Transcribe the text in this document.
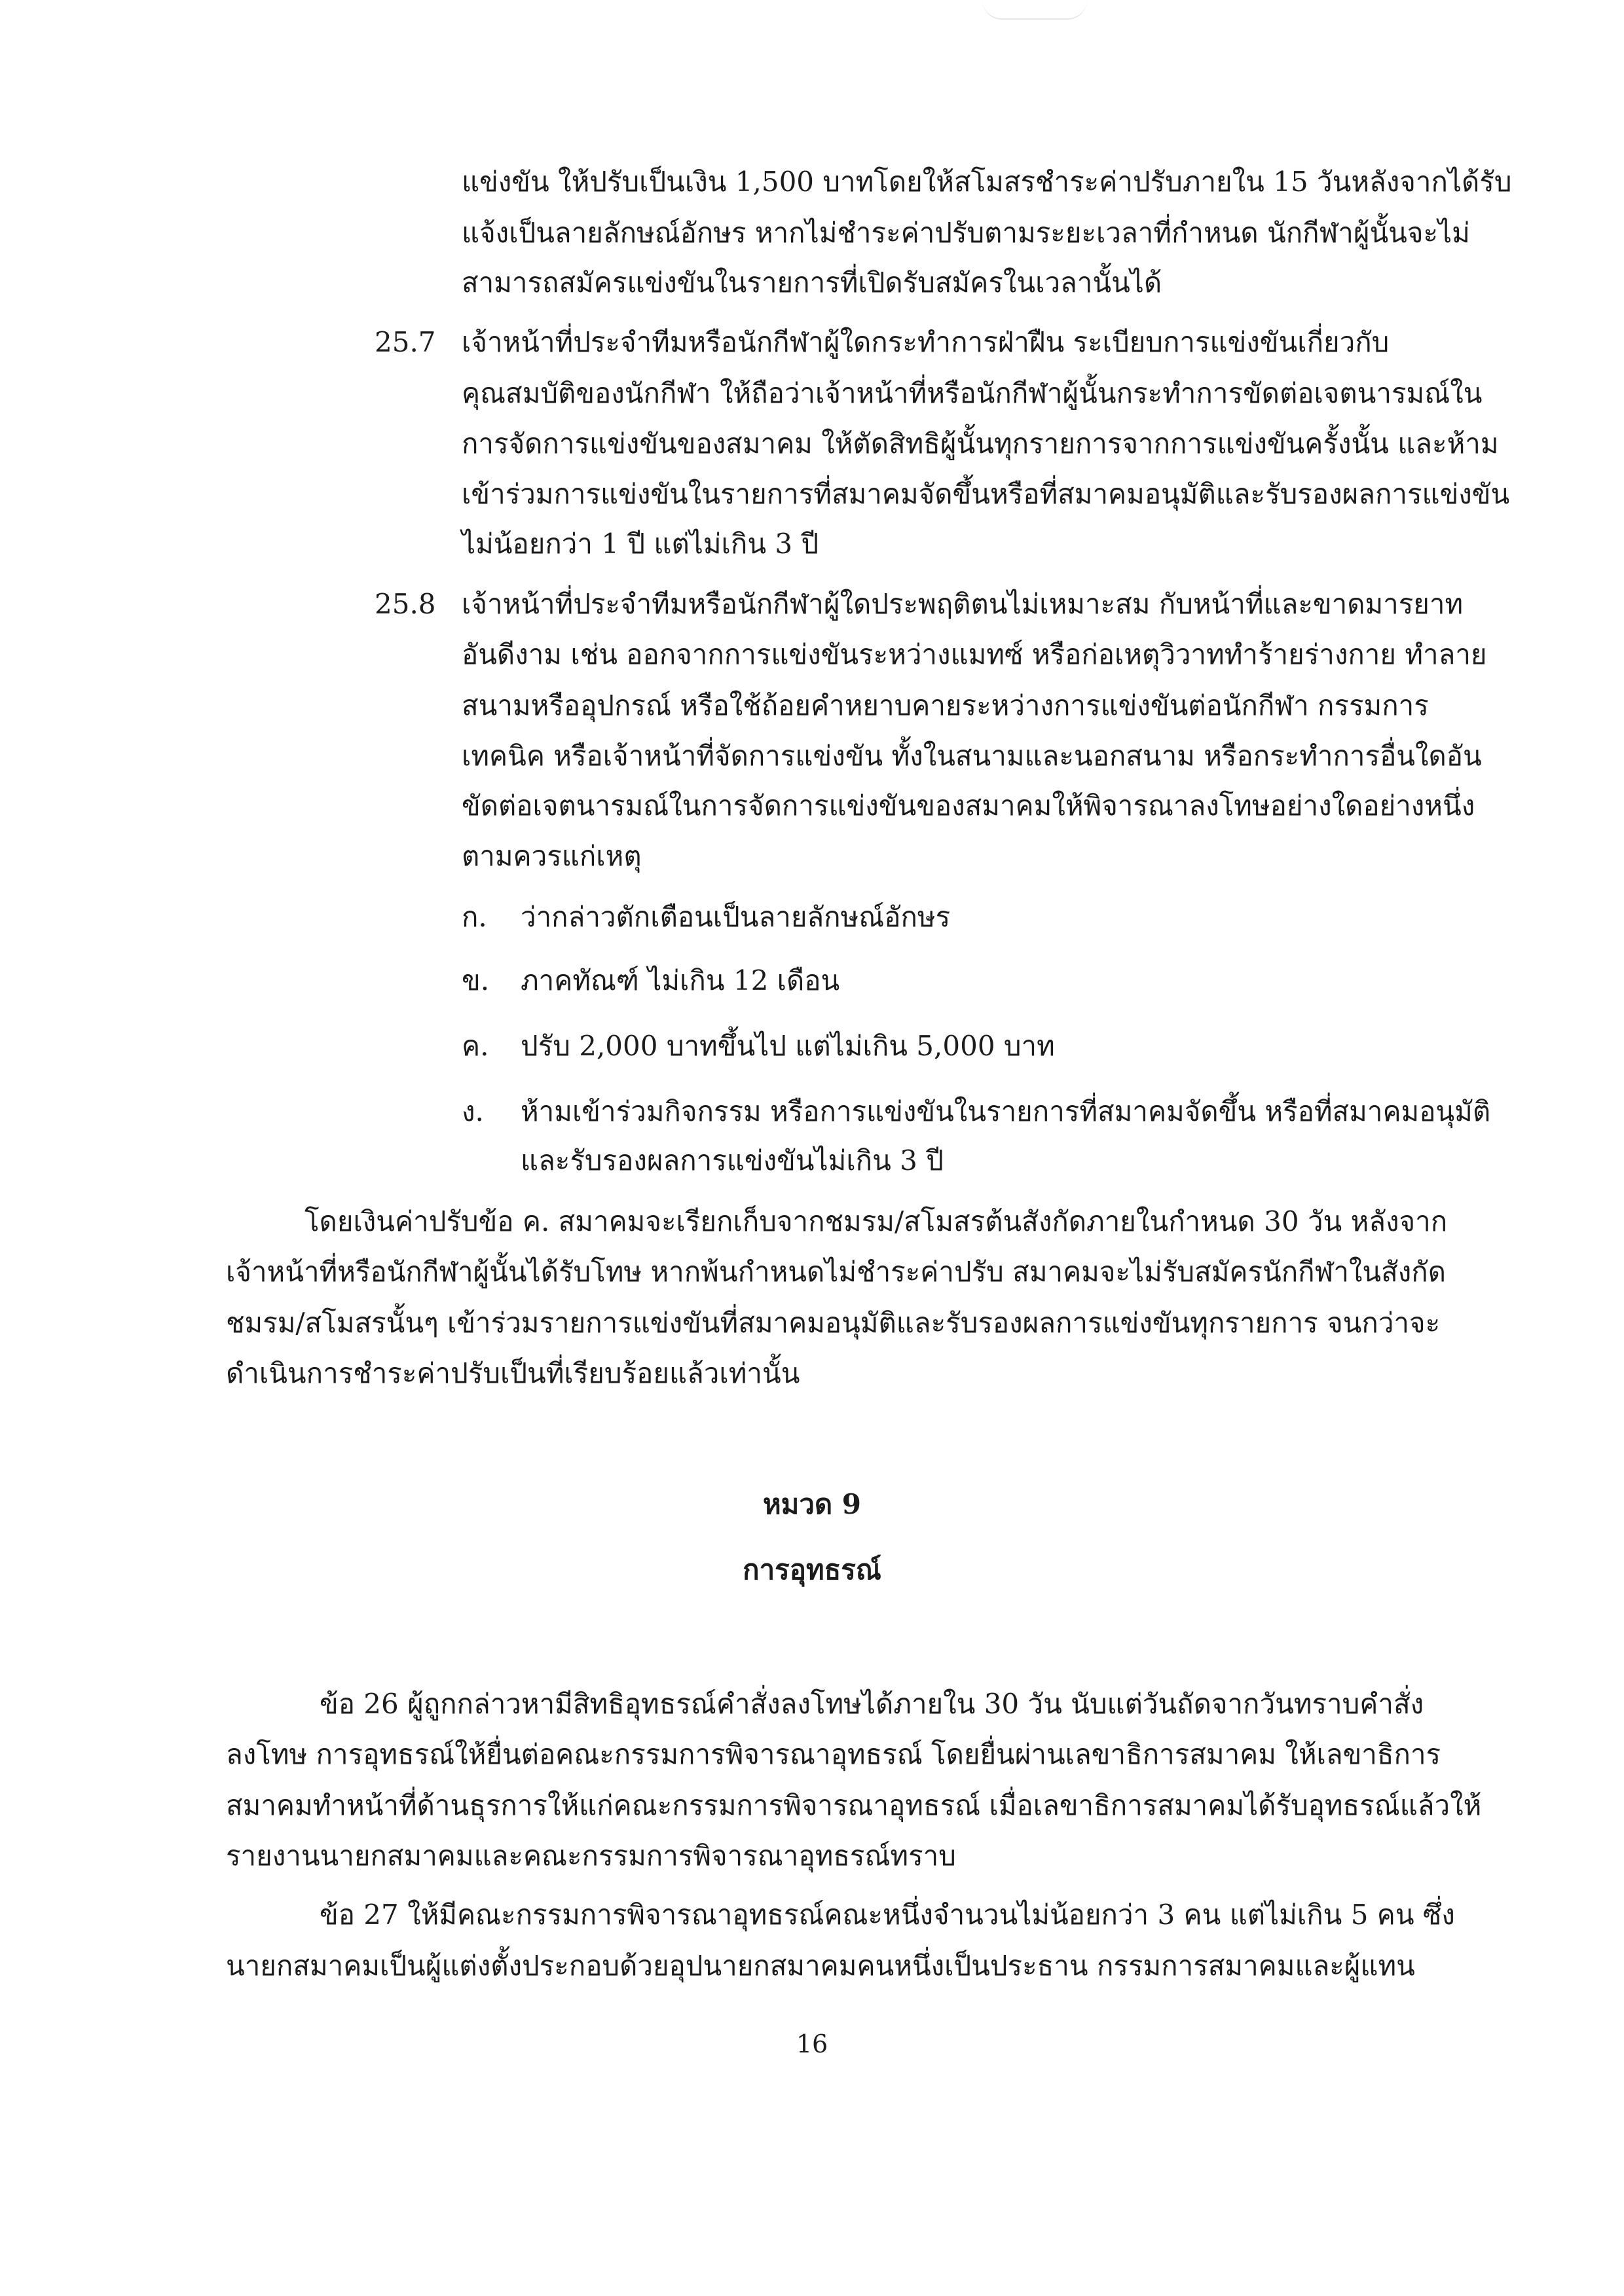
แข่งขัน ให้ปรับเป็นเงิน 1,500 บาทโดยให้สโมสรชำระค่าปรับภายใน 15 วันหลังจากได้รับ
แจ้งเป็นลายลักษณ์อักษร หากไม่ชำระค่าปรับตามระยะเวลาที่กำหนด นักกีฬาผู้นั้นจะไม่
สามารถสมัครแข่งขันในรายการที่เปิดรับสมัครในเวลานั้นได้
25.7 เจ้าหน้าที่ประจำทีมหรือนักกีฬาผู้ใดกระทำการฝ่าฝืน ระเบียบการแข่งขันเกี่ยวกับ
คุณสมบัติของนักกีฬา ให้ถือว่าเจ้าหน้าที่หรือนักกีฬาผู้นั้นกระทำการขัดต่อเจตนารมณ์ใน
การจัดการแข่งขันของสมาคม ให้ตัดสิทธิผู้นั้นทุกรายการจากการแข่งขันครั้งนั้น และห้าม
เข้าร่วมการแข่งขันในรายการที่สมาคมจัดขึ้นหรือที่สมาคมอนุมัติและรับรองผลการแข่งขัน
ไม่น้อยกว่า 1 ปี แต่ไม่เกิน 3 ปี
25.8 เจ้าหน้าที่ประจำทีมหรือนักกีฬาผู้ใดประพฤติตนไม่เหมาะสม กับหน้าที่และขาดมารยาท
อันดีงาม เช่น ออกจากการแข่งขันระหว่างแมทซ์ หรือก่อเหตุวิวาททำร้ายร่างกาย ทำลาย
สนามหรืออุปกรณ์ หรือใช้ถ้อยคำหยาบคายระหว่างการแข่งขันต่อนักกีฬา กรรมการ
เทคนิค หรือเจ้าหน้าที่จัดการแข่งขัน ทั้งในสนามและนอกสนาม หรือกระทำการอื่นใดอัน
ขัดต่อเจตนารมณ์ในการจัดการแข่งขันของสมาคมให้พิจารณาลงโทษอย่างใดอย่างหนึ่ง
ตามควรแก่เหตุ
ก. ว่ากล่าวตักเตือนเป็นลายลักษณ์อักษร
ข. ภาคทัณฑ์ ไม่เกิน 12 เดือน
ค. ปรับ 2,000 บาทขึ้นไป แต่ไม่เกิน 5,000 บาท
ง. ห้ามเข้าร่วมกิจกรรม หรือการแข่งขันในรายการที่สมาคมจัดขึ้น หรือที่สมาคมอนุมัติ
และรับรองผลการแข่งขันไม่เกิน 3 ปี
โดยเงินค่าปรับข้อ ค. สมาคมจะเรียกเก็บจากชมรม/สโมสรต้นสังกัดภายในกำหนด 30 วัน หลังจาก
เจ้าหน้าที่หรือนักกีฬาผู้นั้นได้รับโทษ หากพ้นกำหนดไม่ชำระค่าปรับ สมาคมจะไม่รับสมัครนักกีฬาในสังกัด
ชมรม/สโมสรนั้นๆ เข้าร่วมรายการแข่งขันที่สมาคมอนุมัติและรับรองผลการแข่งขันทุกรายการ จนกว่าจะ
ดำเนินการชำระค่าปรับเป็นที่เรียบร้อยแล้วเท่านั้น
หมวด 9
การอุทธรณ์
ข้อ 26 ผู้ถูกกล่าวหามีสิทธิอุทธรณ์คำสั่งลงโทษได้ภายใน 30 วัน นับแต่วันถัดจากวันทราบคำสั่ง
ลงโทษ การอุทธรณ์ให้ยื่นต่อคณะกรรมการพิจารณาอุทธรณ์ โดยยื่นผ่านเลขาธิการสมาคม ให้เลขาธิการ
สมาคมทำหน้าที่ด้านธุรการให้แก่คณะกรรมการพิจารณาอุทธรณ์ เมื่อเลขาธิการสมาคมได้รับอุทธรณ์แล้วให้
รายงานนายกสมาคมและคณะกรรมการพิจารณาอุทธรณ์ทราบ
ข้อ 27 ให้มีคณะกรรมการพิจารณาอุทธรณ์คณะหนึ่งจำนวนไม่น้อยกว่า 3 คน แต่ไม่เกิน 5 คน ซึ่ง
นายกสมาคมเป็นผู้แต่งตั้งประกอบด้วยอุปนายกสมาคมคนหนึ่งเป็นประธาน กรรมการสมาคมและผู้แทน
16
